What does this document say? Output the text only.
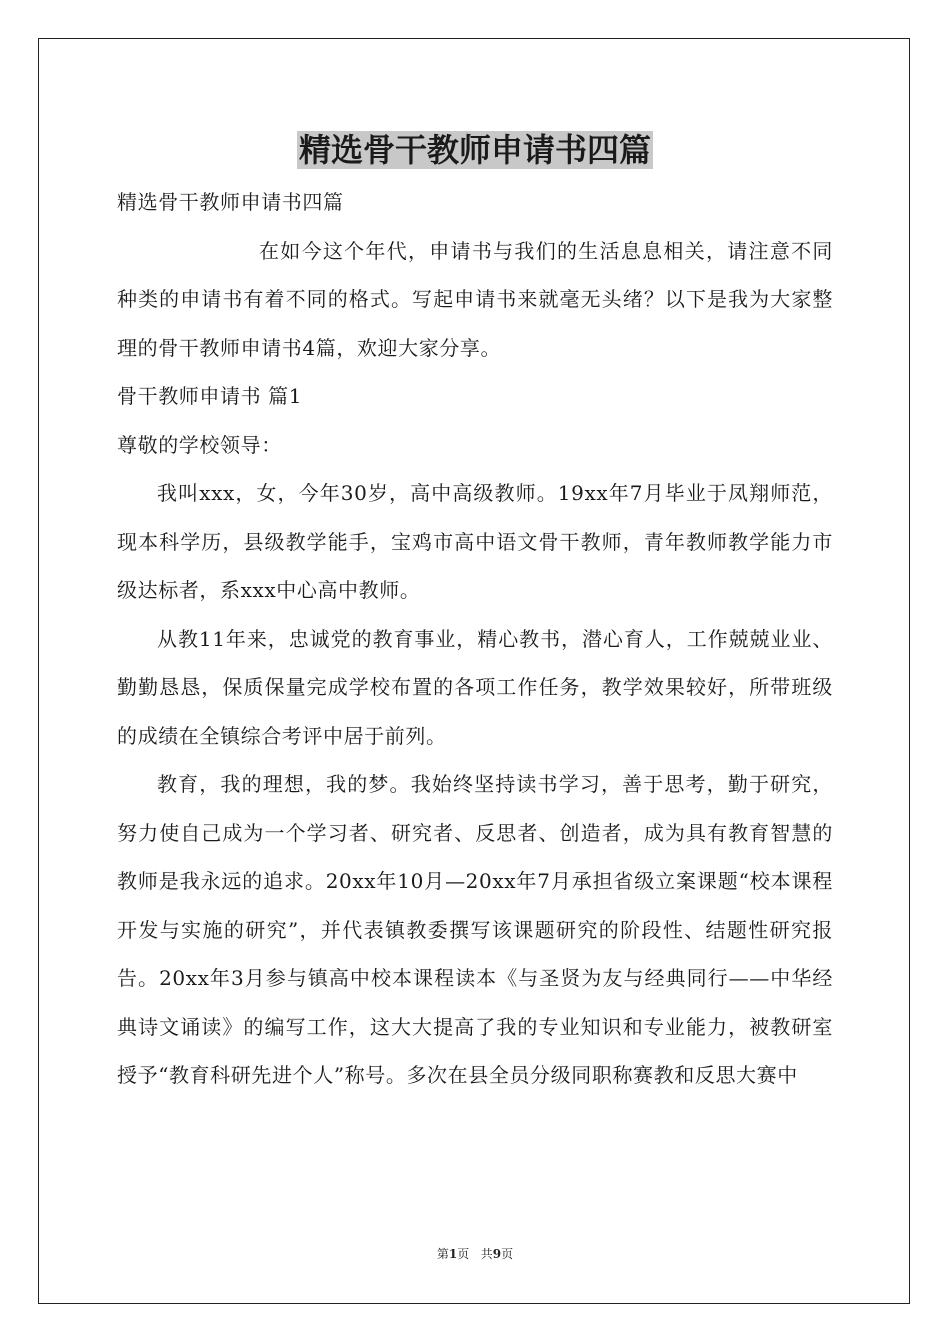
精选骨干教师申请书四篇

精选骨干教师申请书四篇

在如今这个年代，申请书与我们的生活息息相关，请注意不同种类的申请书有着不同的格式。写起申请书来就毫无头绪？以下是我为大家整理的骨干教师申请书4篇，欢迎大家分享。

骨干教师申请书 篇1

尊敬的学校领导：

我叫xxx，女，今年30岁，高中高级教师。19xx年7月毕业于凤翔师范，现本科学历，县级教学能手，宝鸡市高中语文骨干教师，青年教师教学能力市级达标者，系xxx中心高中教师。

从教11年来，忠诚党的教育事业，精心教书，潜心育人，工作兢兢业业、勤勤恳恳，保质保量完成学校布置的各项工作任务，教学效果较好，所带班级的成绩在全镇综合考评中居于前列。

教育，我的理想，我的梦。我始终坚持读书学习，善于思考，勤于研究，努力使自己成为一个学习者、研究者、反思者、创造者，成为具有教育智慧的教师是我永远的追求。20xx年10月—20xx年7月承担省级立案课题“校本课程开发与实施的研究”，并代表镇教委撰写该课题研究的阶段性、结题性研究报告。20xx年3月参与镇高中校本课程读本《与圣贤为友与经典同行——中华经典诗文诵读》的编写工作，这大大提高了我的专业知识和专业能力，被教研室授予“教育科研先进个人”称号。多次在县全员分级同职称赛教和反思大赛中

第1页 共9页
